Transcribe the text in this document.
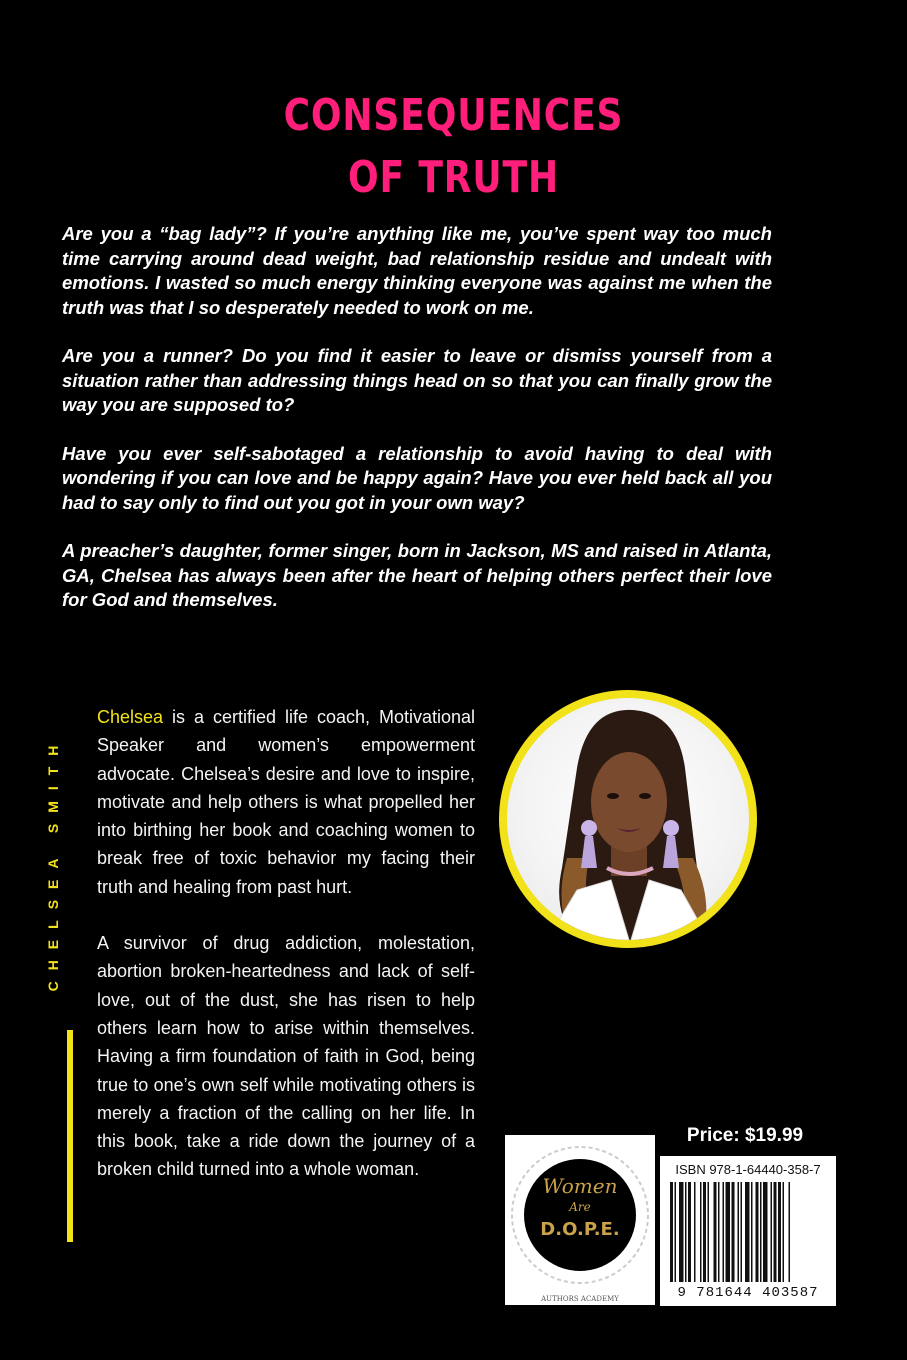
CONSEQUENCES
OF TRUTH

Are you a “bag lady”? If you’re anything like me, you’ve spent way too much time carrying around dead weight, bad relationship residue and undealt with emotions. I wasted so much energy thinking everyone was against me when the truth was that I so desperately needed to work on me.

Are you a runner? Do you find it easier to leave or dismiss yourself from a situation rather than addressing things head on so that you can finally grow the way you are supposed to?

Have you ever self-sabotaged a relationship to avoid having to deal with wondering if you can love and be happy again? Have you ever held back all you had to say only to find out you got in your own way?

A preacher’s daughter, former singer, born in Jackson, MS and raised in Atlanta, GA, Chelsea has always been after the heart of helping others perfect their love for God and themselves.

CHELSEA SMITH

Chelsea is a certified life coach, Motivational Speaker and women’s empowerment advocate. Chelsea’s desire and love to inspire, motivate and help others is what propelled her into birthing her book and coaching women to break free of toxic behavior my facing their truth and healing from past hurt.

A survivor of drug addiction, molestation, abortion broken-heartedness and lack of self-love, out of the dust, she has risen to help others learn how to arise within themselves. Having a firm foundation of faith in God, being true to one’s own self while motivating others is merely a fraction of the calling on her life. In this book, take a ride down the journey of a broken child turned into a whole woman.

Price: $19.99
Women
Are
D.O.P.E.
AUTHORS ACADEMY
ISBN 978-1-64440-358-7
9 781644 403587
